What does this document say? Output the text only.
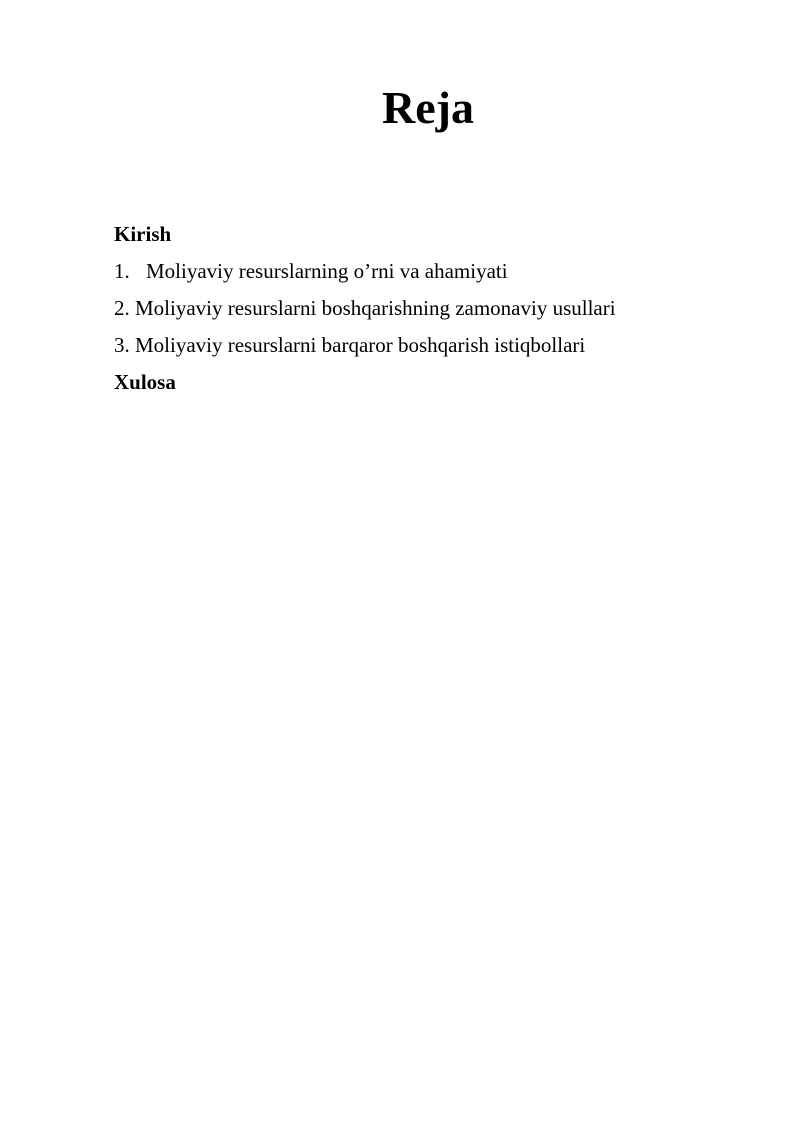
Reja
Kirish
1. Moliyaviy resurslarning o’rni va ahamiyati
2. Moliyaviy resurslarni boshqarishning zamonaviy usullari
3. Moliyaviy resurslarni barqaror boshqarish istiqbollari
Xulosa
